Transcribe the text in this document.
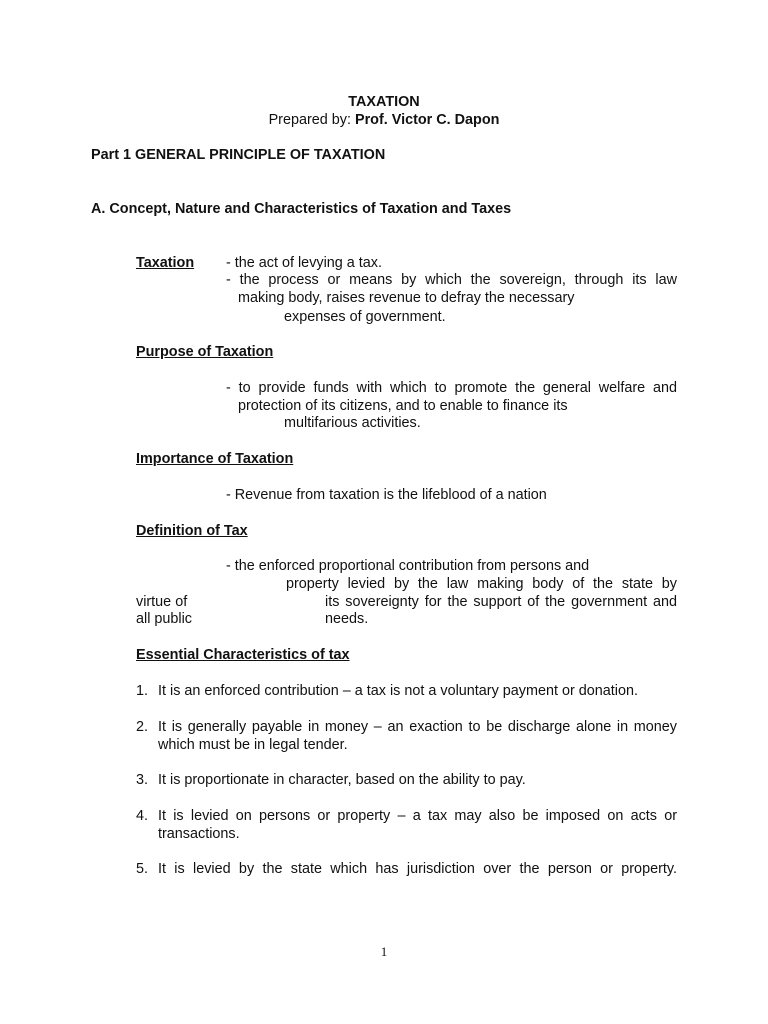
TAXATION
Prepared by: Prof. Victor C. Dapon
Part 1 GENERAL PRINCIPLE OF TAXATION
A. Concept, Nature and Characteristics of Taxation and Taxes
Taxation - the act of levying a tax.
- the process or means by which the sovereign, through its law
making body, raises revenue to defray the necessary
expenses of government.
Purpose of Taxation
- to provide funds with which to promote the general welfare and
protection of its citizens, and to enable to finance its
multifarious activities.
Importance of Taxation
- Revenue from taxation is the lifeblood of a nation
Definition of Tax
- the enforced proportional contribution from persons and
property levied by the law making body of the state by
virtue of	its sovereignty for the support of the government and
all public	needs.
Essential Characteristics of tax
1. It is an enforced contribution – a tax is not a voluntary payment or donation.
2. It is generally payable in money – an exaction to be discharge alone in money which must be in legal tender.
3. It is proportionate in character, based on the ability to pay.
4. It is levied on persons or property – a tax may also be imposed on acts or transactions.
5. It is levied by the state which has jurisdiction over the person or property.
1
